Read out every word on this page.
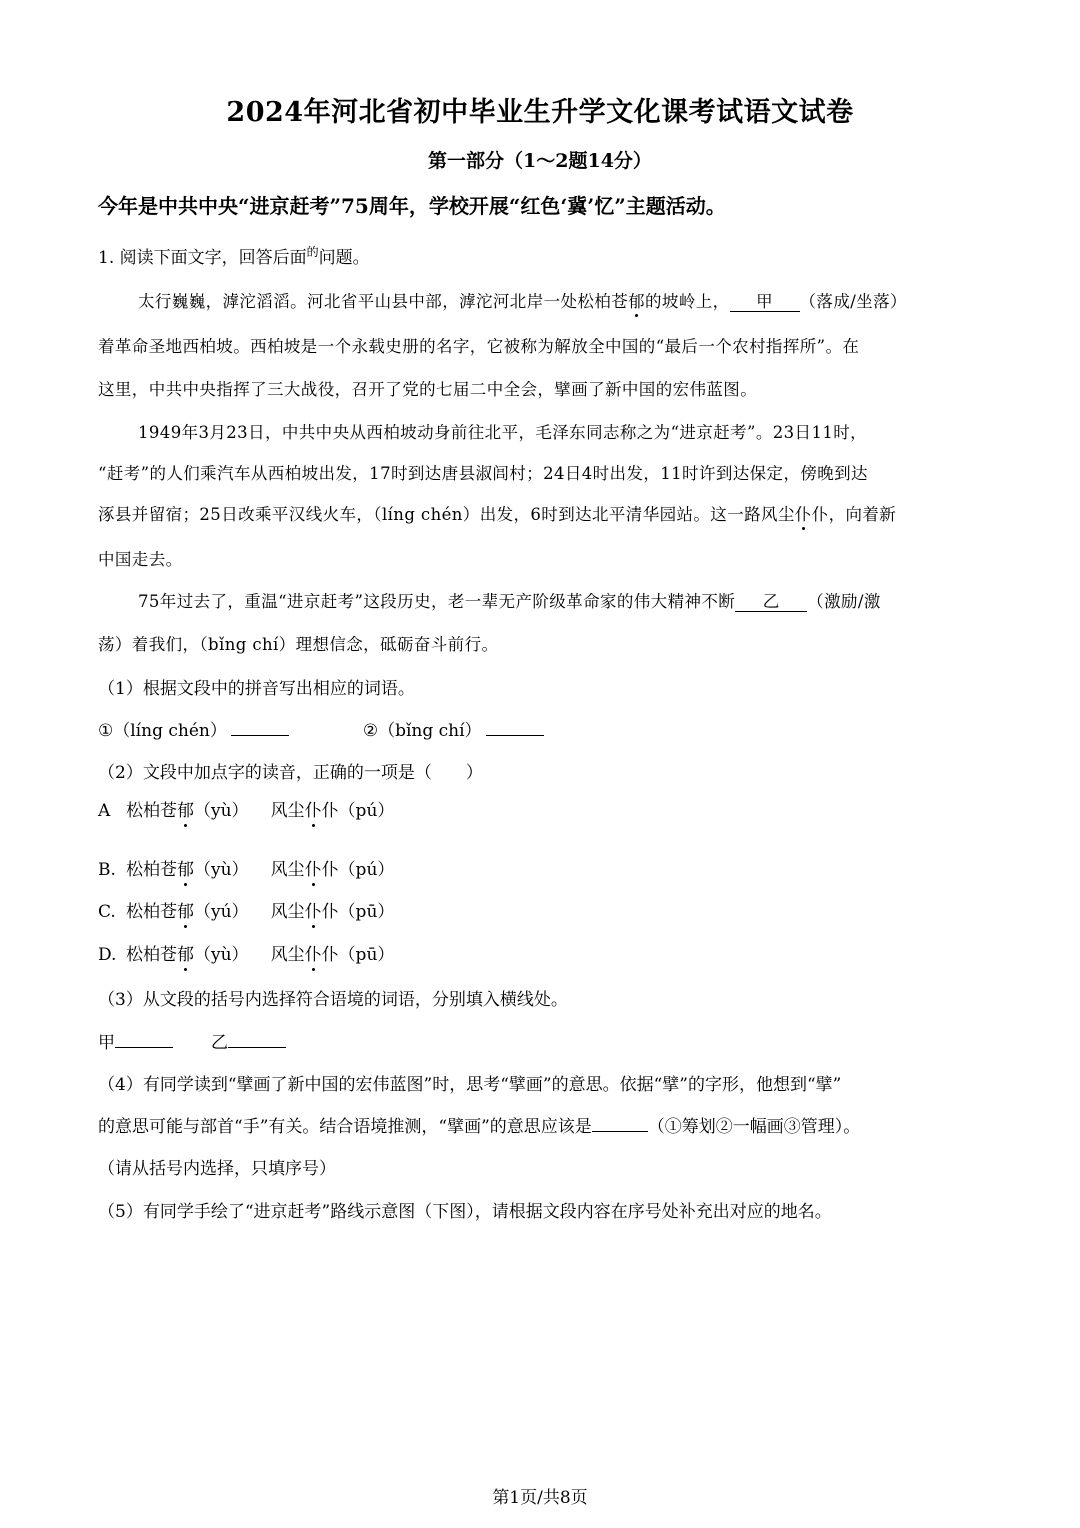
2024年河北省初中毕业生升学文化课考试语文试卷
第一部分（1～2题14分）
今年是中共中央“进京赶考”75周年，学校开展“红色‘冀’忆”主题活动。
1. 阅读下面文字，回答后面$^的$问题。
太行巍巍，滹沱滔滔。河北省平山县中部，滹沱河北岸一处松柏苍郁的坡岭上， 甲 （落成/坐落）
着革命圣地西柏坡。西柏坡是一个永载史册的名字，它被称为解放全中国的“最后一个农村指挥所”。在
这里，中共中央指挥了三大战役，召开了党的七届二中全会，擘画了新中国的宏伟蓝图。
1949年3月23日，中共中央从西柏坡动身前往北平，毛泽东同志称之为“进京赶考”。23日11时，
“赶考”的人们乘汽车从西柏坡出发，17时到达唐县淑闾村；24日4时出发，11时许到达保定，傍晚到达
涿县并留宿；25日改乘平汉线火车，（líng chén）出发，6时到达北平清华园站。这一路风尘仆仆，向着新
中国走去。
75年过去了，重温“进京赶考”这段历史，老一辈无产阶级革命家的伟大精神不断 乙 （激励/激
荡）着我们，（bǐng chí）理想信念，砥砺奋斗前行。
（1）根据文段中的拼音写出相应的词语。
①（líng chén）	②（bǐng chí）
（2）文段中加点字的读音，正确的一项是（　　）
A 松柏苍郁（yù） 风尘仆仆（pú）
B. 松柏苍郁（yù） 风尘仆仆（pú）
C. 松柏苍郁（yú） 风尘仆仆（pū）
D. 松柏苍郁（yù） 风尘仆仆（pū）
（3）从文段的括号内选择符合语境的词语，分别填入横线处。
甲	乙
（4）有同学读到“擘画了新中国的宏伟蓝图”时，思考“擘画”的意思。依据“擘”的字形，他想到“擘”
的意思可能与部首“手”有关。结合语境推测，“擘画”的意思应该是	（①筹划②一幅画③管理）。
（请从括号内选择，只填序号）
（5）有同学手绘了“进京赶考”路线示意图（下图），请根据文段内容在序号处补充出对应的地名。
第1页/共8页
